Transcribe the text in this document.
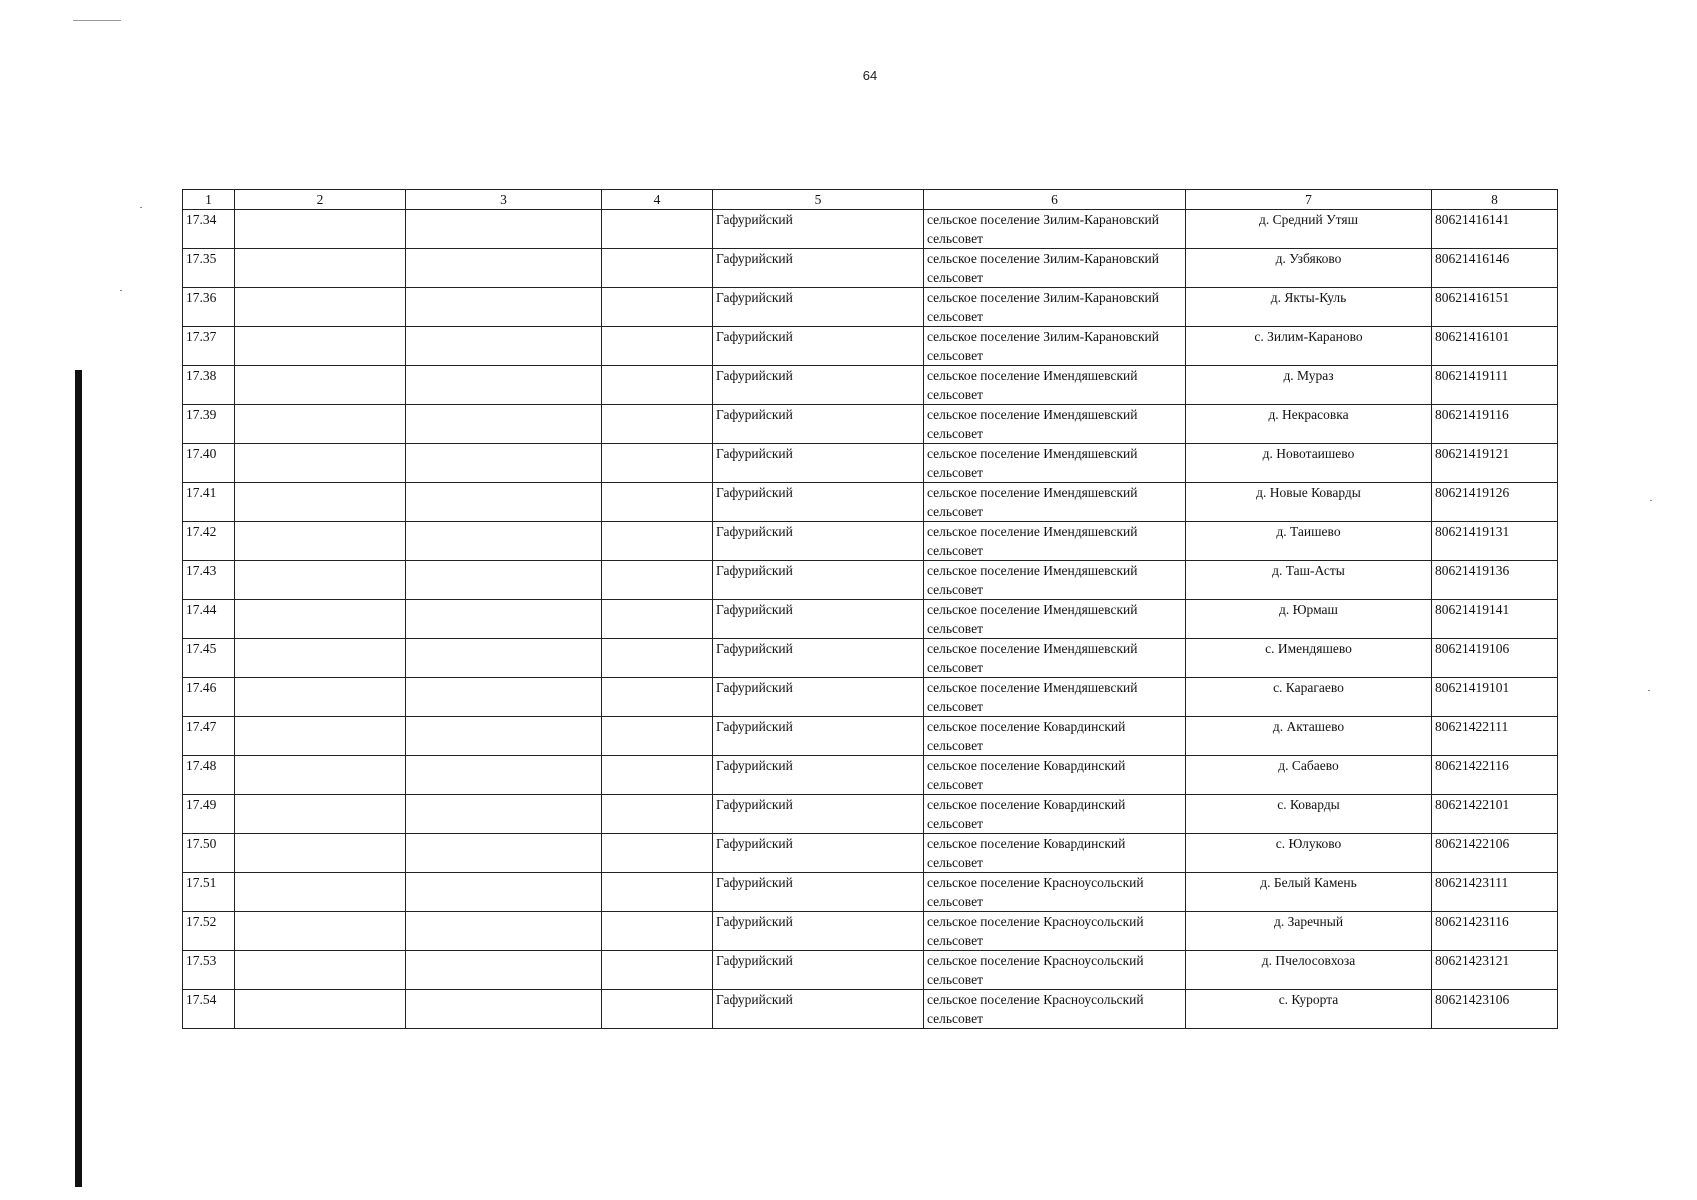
64
1	2	3	4	5	6	7	8
17.34				Гафурийский	сельское поселение Зилим-Карановский сельсовет	д. Средний Утяш	80621416141
17.35				Гафурийский	сельское поселение Зилим-Карановский сельсовет	д. Узбяково	80621416146
17.36				Гафурийский	сельское поселение Зилим-Карановский сельсовет	д. Якты-Куль	80621416151
17.37				Гафурийский	сельское поселение Зилим-Карановский сельсовет	с. Зилим-Караново	80621416101
17.38				Гафурийский	сельское поселение Имендяшевский сельсовет	д. Мураз	80621419111
17.39				Гафурийский	сельское поселение Имендяшевский сельсовет	д. Некрасовка	80621419116
17.40				Гафурийский	сельское поселение Имендяшевский сельсовет	д. Новотаишево	80621419121
17.41				Гафурийский	сельское поселение Имендяшевский сельсовет	д. Новые Коварды	80621419126
17.42				Гафурийский	сельское поселение Имендяшевский сельсовет	д. Таишево	80621419131
17.43				Гафурийский	сельское поселение Имендяшевский сельсовет	д. Таш-Асты	80621419136
17.44				Гафурийский	сельское поселение Имендяшевский сельсовет	д. Юрмаш	80621419141
17.45				Гафурийский	сельское поселение Имендяшевский сельсовет	с. Имендяшево	80621419106
17.46				Гафурийский	сельское поселение Имендяшевский сельсовет	с. Карагаево	80621419101
17.47				Гафурийский	сельское поселение Ковардинский сельсовет	д. Акташево	80621422111
17.48				Гафурийский	сельское поселение Ковардинский сельсовет	д. Сабаево	80621422116
17.49				Гафурийский	сельское поселение Ковардинский сельсовет	с. Коварды	80621422101
17.50				Гафурийский	сельское поселение Ковардинский сельсовет	с. Юлуково	80621422106
17.51				Гафурийский	сельское поселение Красноусольский сельсовет	д. Белый Камень	80621423111
17.52				Гафурийский	сельское поселение Красноусольский сельсовет	д. Заречный	80621423116
17.53				Гафурийский	сельское поселение Красноусольский сельсовет	д. Пчелосовхоза	80621423121
17.54				Гафурийский	сельское поселение Красноусольский сельсовет	с. Курорта	80621423106
